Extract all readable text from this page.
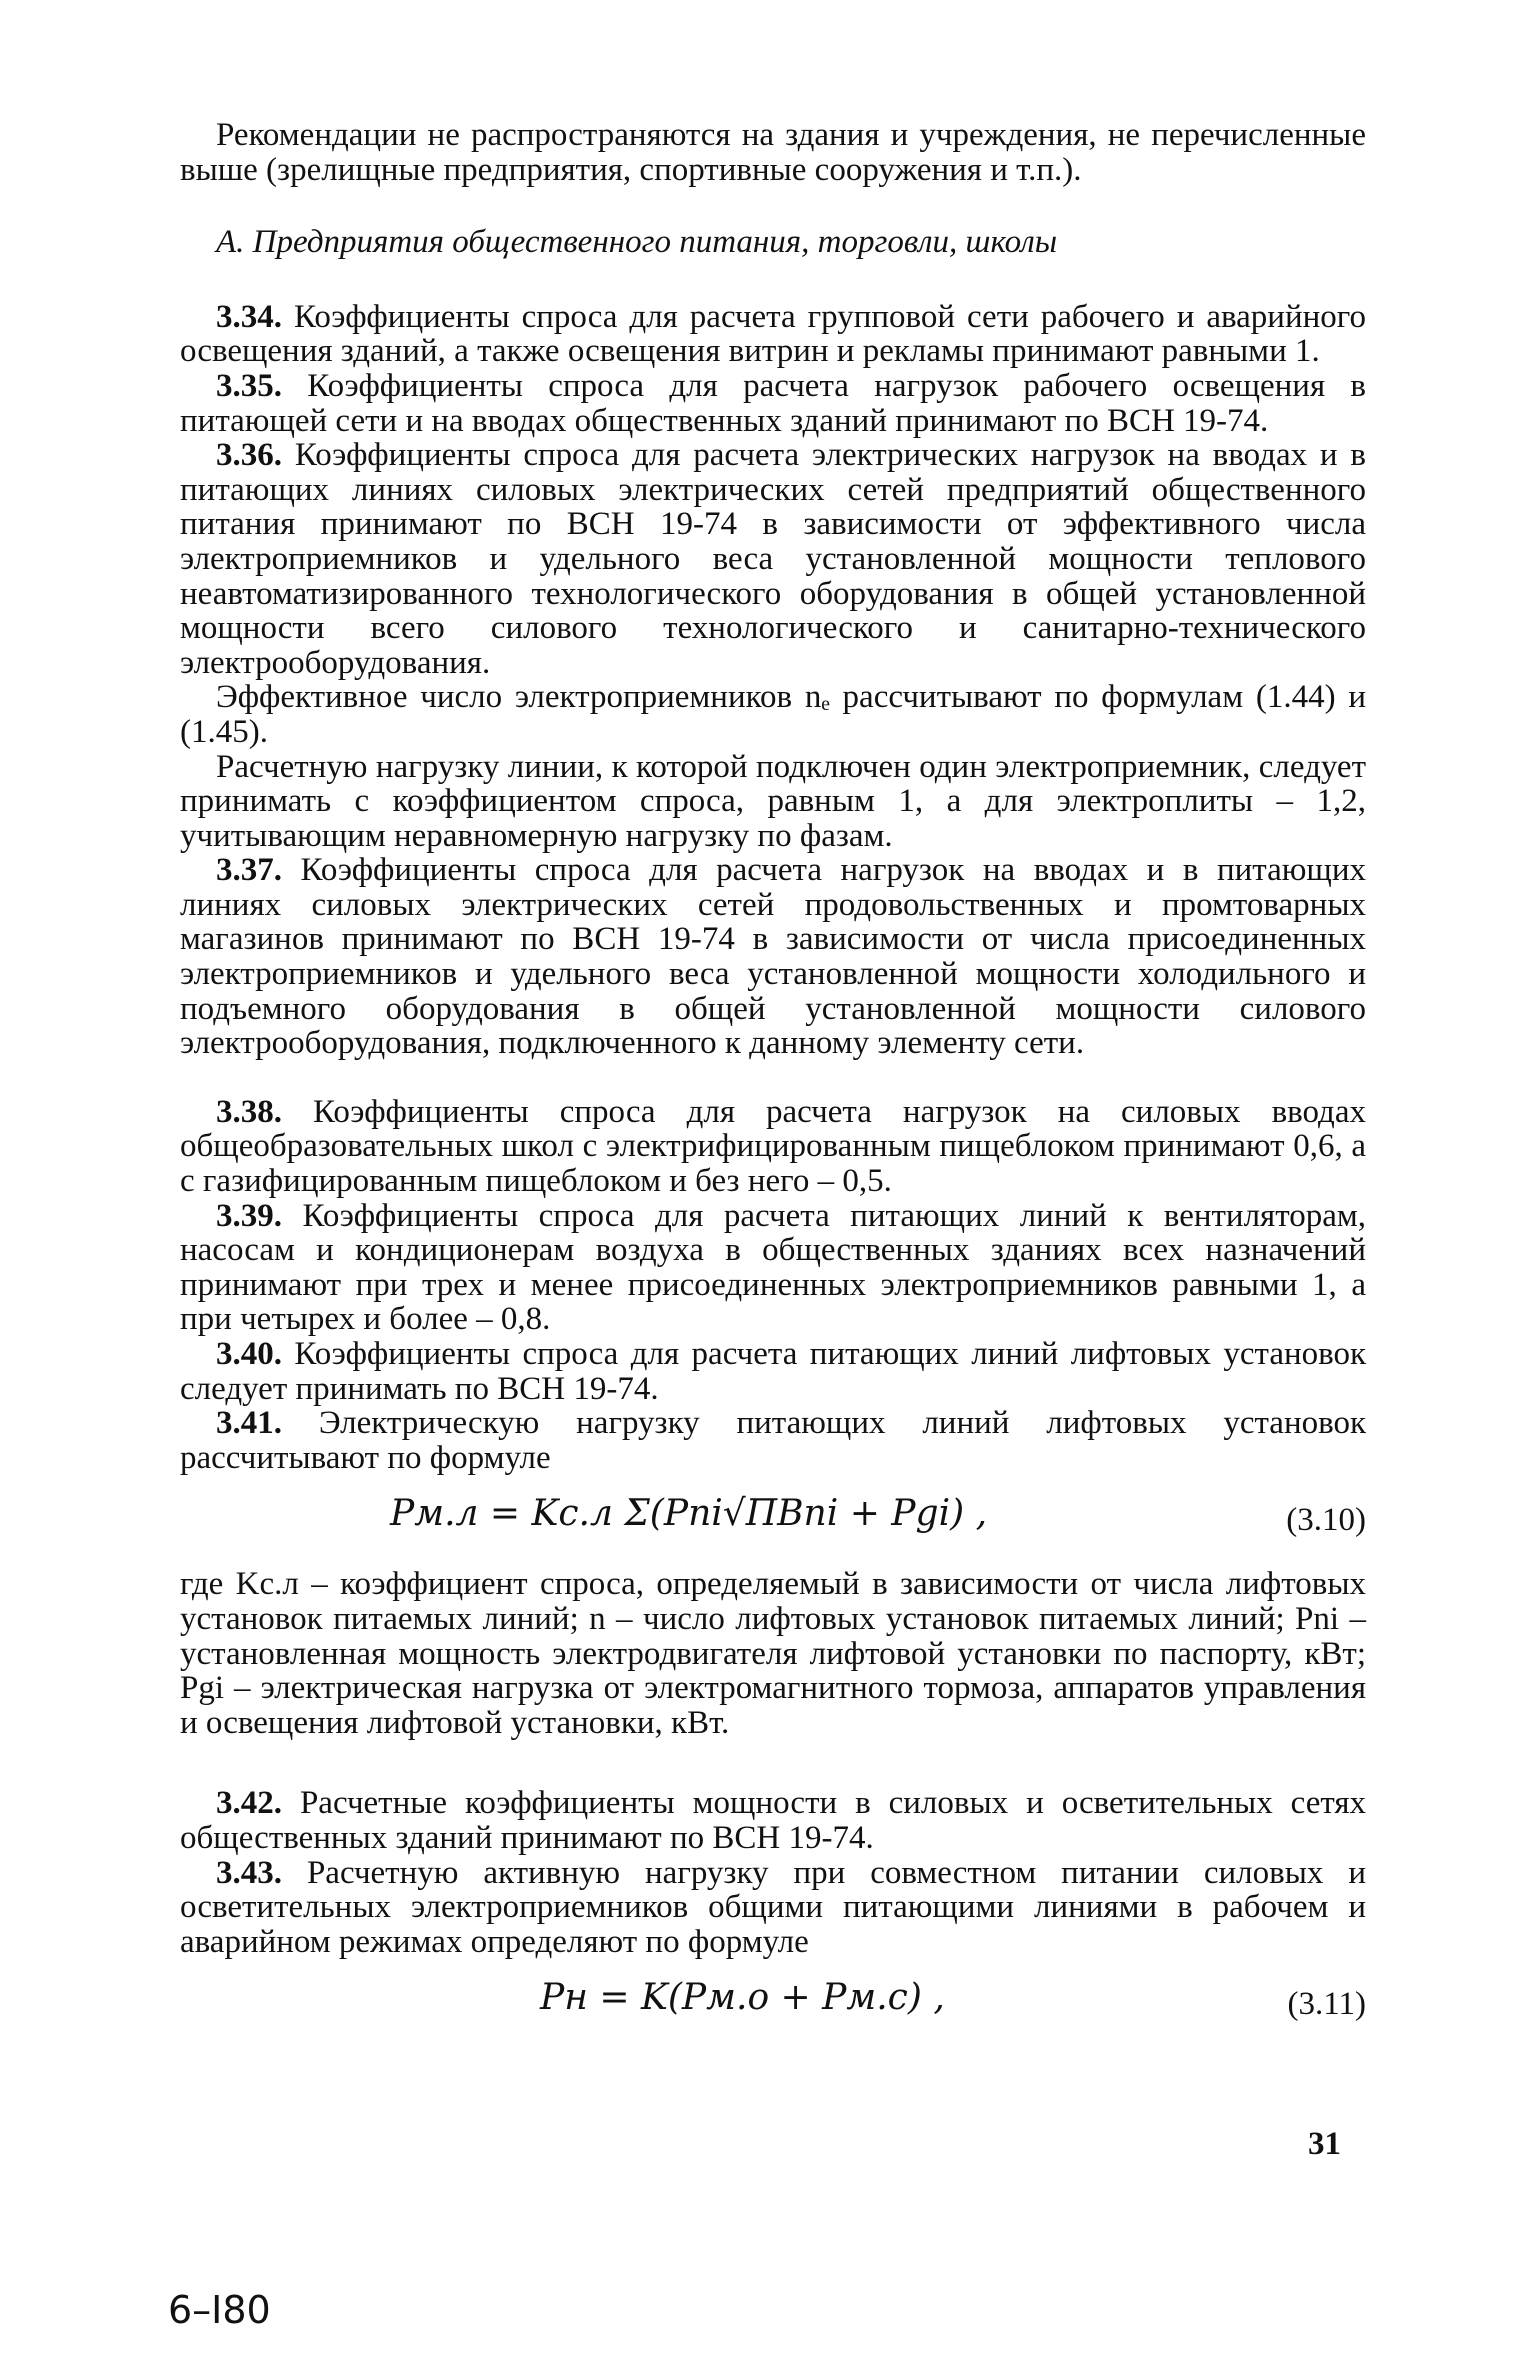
Рекомендации не распространяются на здания и учреждения, не перечисленные выше (зрелищные предприятия, спортивные сооружения и т.п.).

А. Предприятия общественного питания, торговли, школы

3.34. Коэффициенты спроса для расчета групповой сети рабочего и аварийного освещения зданий, а также освещения витрин и рекламы принимают равными 1.

3.35. Коэффициенты спроса для расчета нагрузок рабочего освещения в питающей сети и на вводах общественных зданий принимают по ВСН 19-74.

3.36. Коэффициенты спроса для расчета электрических нагрузок на вводах и в питающих линиях силовых электрических сетей предприятий общественного питания принимают по ВСН 19-74 в зависимости от эффективного числа электроприемников и удельного веса установленной мощности теплового неавтоматизированного технологического оборудования в общей установленной мощности всего силового технологического и санитарно-технического электрооборудования.

Эффективное число электроприемников nₑ рассчитывают по формулам (1.44) и (1.45).

Расчетную нагрузку линии, к которой подключен один электроприемник, следует принимать с коэффициентом спроса, равным 1, а для электроплиты – 1,2, учитывающим неравномерную нагрузку по фазам.

3.37. Коэффициенты спроса для расчета нагрузок на вводах и в питающих линиях силовых электрических сетей продовольственных и промтоварных магазинов принимают по ВСН 19-74 в зависимости от числа присоединенных электроприемников и удельного веса установленной мощности холодильного и подъемного оборудования в общей установленной мощности силового электрооборудования, подключенного к данному элементу сети.

3.38. Коэффициенты спроса для расчета нагрузок на силовых вводах общеобразовательных школ с электрифицированным пищеблоком принимают 0,6, а с газифицированным пищеблоком и без него – 0,5.

3.39. Коэффициенты спроса для расчета питающих линий к вентиляторам, насосам и кондиционерам воздуха в общественных зданиях всех назначений принимают при трех и менее присоединенных электроприемников равными 1, а при четырех и более – 0,8.

3.40. Коэффициенты спроса для расчета питающих линий лифтовых установок следует принимать по ВСН 19-74.

3.41. Электрическую нагрузку питающих линий лифтовых установок рассчитывают по формуле

Pм.л = Kс.л Σ(Pni√ПВni + Pgi) ,	(3.10)

где Kс.л – коэффициент спроса, определяемый в зависимости от числа лифтовых установок питаемых линий; n – число лифтовых установок питаемых линий; Pni – установленная мощность электродвигателя лифтовой установки по паспорту, кВт; Pgi – электрическая нагрузка от электромагнитного тормоза, аппаратов управления и освещения лифтовой установки, кВт.

3.42. Расчетные коэффициенты мощности в силовых и осветительных сетях общественных зданий принимают по ВСН 19-74.

3.43. Расчетную активную нагрузку при совместном питании силовых и осветительных электроприемников общими питающими линиями в рабочем и аварийном режимах определяют по формуле

Pн = K(Pм.о + Pм.с) ,	(3.11)
31
6–I80
